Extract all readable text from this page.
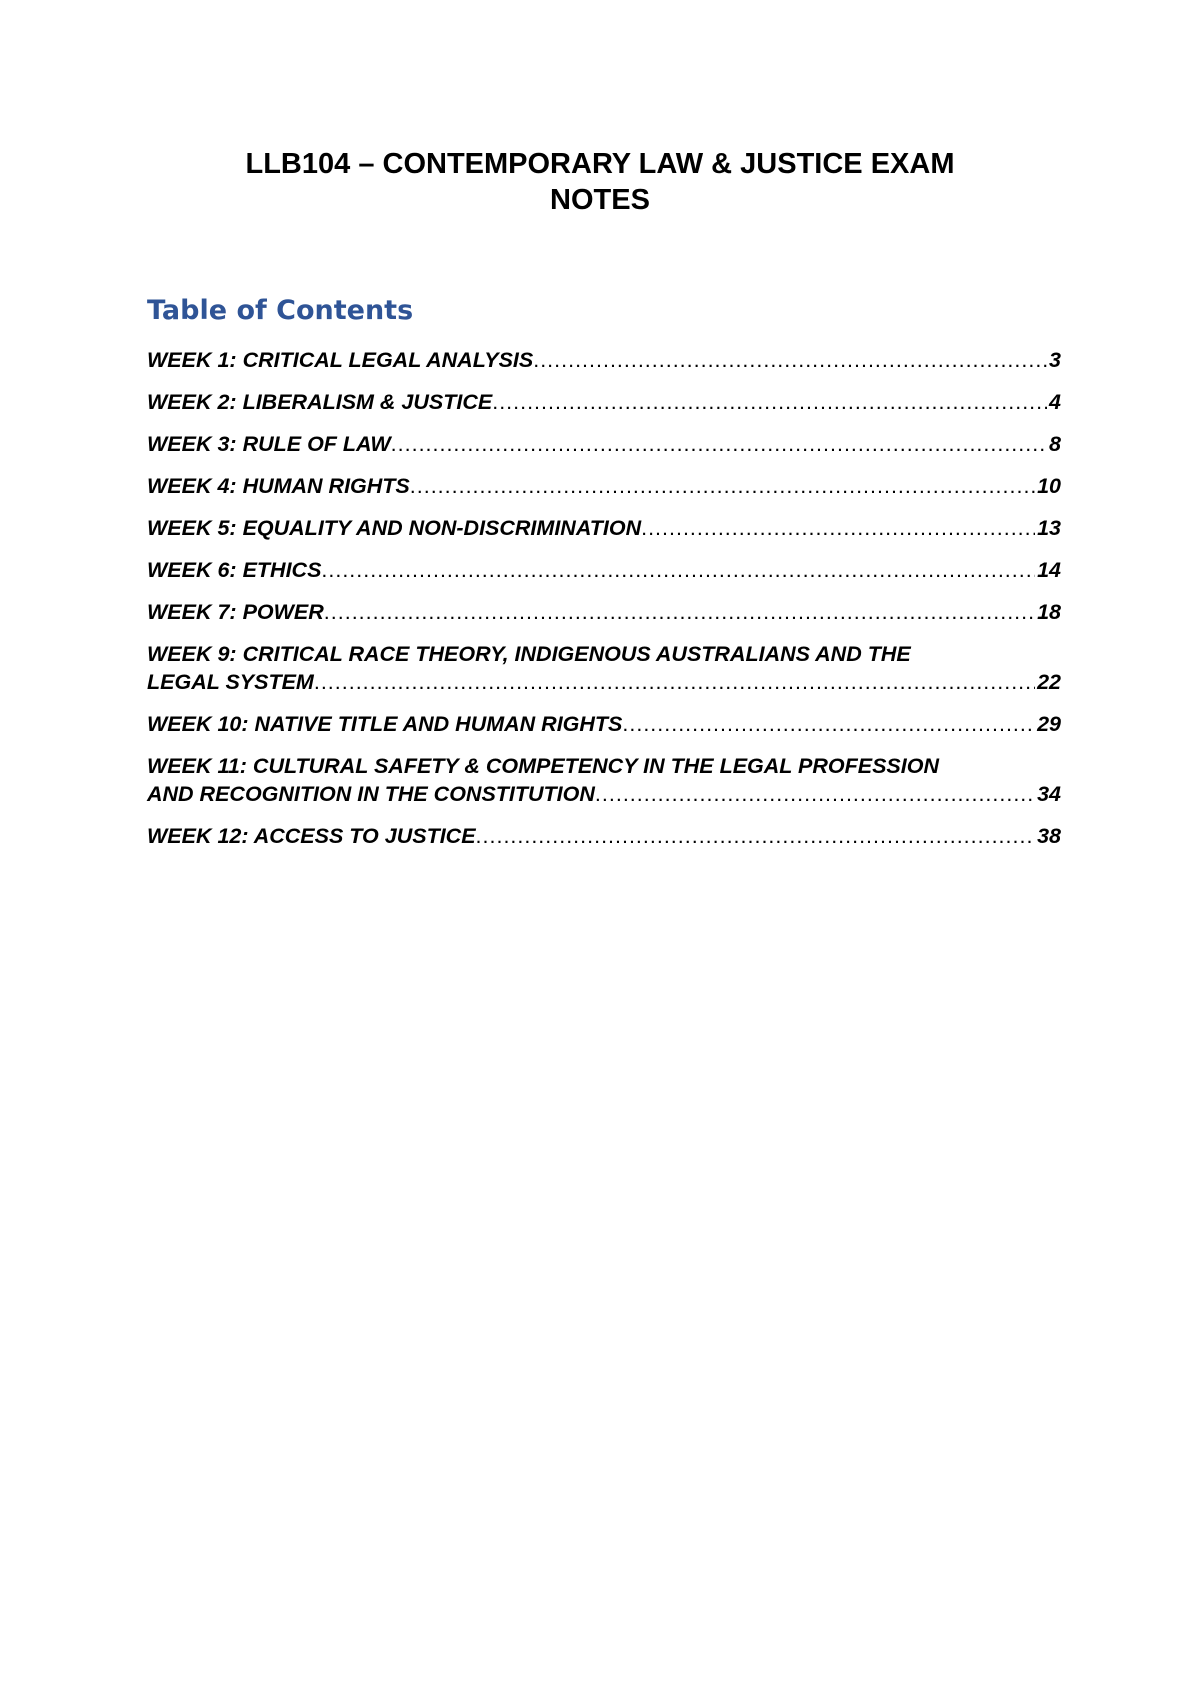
LLB104 – CONTEMPORARY LAW & JUSTICE EXAM
NOTES
Table of Contents
WEEK 1: CRITICAL LEGAL ANALYSIS .....	3
WEEK 2: LIBERALISM & JUSTICE .....	4
WEEK 3: RULE OF LAW .....	8
WEEK 4: HUMAN RIGHTS .....	10
WEEK 5: EQUALITY AND NON-DISCRIMINATION .....	13
WEEK 6: ETHICS .....	14
WEEK 7: POWER .....	18
WEEK 9: CRITICAL RACE THEORY, INDIGENOUS AUSTRALIANS AND THE
LEGAL SYSTEM .....	22
WEEK 10: NATIVE TITLE AND HUMAN RIGHTS .....	29
WEEK 11: CULTURAL SAFETY & COMPETENCY IN THE LEGAL PROFESSION
AND RECOGNITION IN THE CONSTITUTION .....	34
WEEK 12: ACCESS TO JUSTICE .....	38
